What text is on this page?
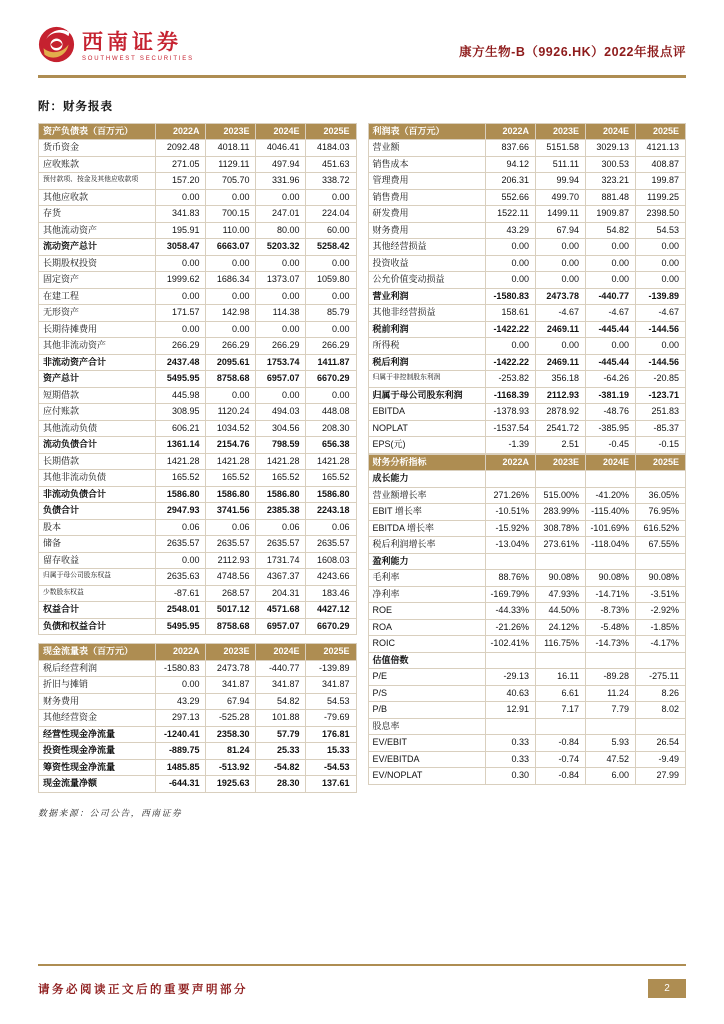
西南证券
SOUTHWEST SECURITIES	康方生物-B（9926.HK）2022年报点评
附：财务报表
资产负债表（百万元）	2022A	2023E	2024E	2025E
货币资金	2092.48	4018.11	4046.41	4184.03
应收账款	271.05	1129.11	497.94	451.63
预付款项、按金及其他应收款项	157.20	705.70	331.96	338.72
其他应收款	0.00	0.00	0.00	0.00
存货	341.83	700.15	247.01	224.04
其他流动资产	195.91	110.00	80.00	60.00
流动资产总计	3058.47	6663.07	5203.32	5258.42
长期股权投资	0.00	0.00	0.00	0.00
固定资产	1999.62	1686.34	1373.07	1059.80
在建工程	0.00	0.00	0.00	0.00
无形资产	171.57	142.98	114.38	85.79
长期待摊费用	0.00	0.00	0.00	0.00
其他非流动资产	266.29	266.29	266.29	266.29
非流动资产合计	2437.48	2095.61	1753.74	1411.87
资产总计	5495.95	8758.68	6957.07	6670.29
短期借款	445.98	0.00	0.00	0.00
应付账款	308.95	1120.24	494.03	448.08
其他流动负债	606.21	1034.52	304.56	208.30
流动负债合计	1361.14	2154.76	798.59	656.38
长期借款	1421.28	1421.28	1421.28	1421.28
其他非流动负债	165.52	165.52	165.52	165.52
非流动负债合计	1586.80	1586.80	1586.80	1586.80
负债合计	2947.93	3741.56	2385.38	2243.18
股本	0.06	0.06	0.06	0.06
储备	2635.57	2635.57	2635.57	2635.57
留存收益	0.00	2112.93	1731.74	1608.03
归属于母公司股东权益	2635.63	4748.56	4367.37	4243.66
少数股东权益	-87.61	268.57	204.31	183.46
权益合计	2548.01	5017.12	4571.68	4427.12
负债和权益合计	5495.95	8758.68	6957.07	6670.29
现金流量表（百万元）	2022A	2023E	2024E	2025E
税后经营利润	-1580.83	2473.78	-440.77	-139.89
折旧与摊销	0.00	341.87	341.87	341.87
财务费用	43.29	67.94	54.82	54.53
其他经营资金	297.13	-525.28	101.88	-79.69
经营性现金净流量	-1240.41	2358.30	57.79	176.81
投资性现金净流量	-889.75	81.24	25.33	15.33
筹资性现金净流量	1485.85	-513.92	-54.82	-54.53
现金流量净额	-644.31	1925.63	28.30	137.61
数据来源：公司公告，西南证券
利润表（百万元）	2022A	2023E	2024E	2025E
营业额	837.66	5151.58	3029.13	4121.13
销售成本	94.12	511.11	300.53	408.87
管理费用	206.31	99.94	323.21	199.87
销售费用	552.66	499.70	881.48	1199.25
研发费用	1522.11	1499.11	1909.87	2398.50
财务费用	43.29	67.94	54.82	54.53
其他经营损益	0.00	0.00	0.00	0.00
投资收益	0.00	0.00	0.00	0.00
公允价值变动损益	0.00	0.00	0.00	0.00
营业利润	-1580.83	2473.78	-440.77	-139.89
其他非经营损益	158.61	-4.67	-4.67	-4.67
税前利润	-1422.22	2469.11	-445.44	-144.56
所得税	0.00	0.00	0.00	0.00
税后利润	-1422.22	2469.11	-445.44	-144.56
归属于非控制股东利润	-253.82	356.18	-64.26	-20.85
归属于母公司股东利润	-1168.39	2112.93	-381.19	-123.71
EBITDA	-1378.93	2878.92	-48.76	251.83
NOPLAT	-1537.54	2541.72	-385.95	-85.37
EPS(元)	-1.39	2.51	-0.45	-0.15
财务分析指标	2022A	2023E	2024E	2025E
成长能力				
营业额增长率	271.26%	515.00%	-41.20%	36.05%
EBIT 增长率	-10.51%	283.99%	-115.40%	76.95%
EBITDA 增长率	-15.92%	308.78%	-101.69%	616.52%
税后利润增长率	-13.04%	273.61%	-118.04%	67.55%
盈利能力				
毛利率	88.76%	90.08%	90.08%	90.08%
净利率	-169.79%	47.93%	-14.71%	-3.51%
ROE	-44.33%	44.50%	-8.73%	-2.92%
ROA	-21.26%	24.12%	-5.48%	-1.85%
ROIC	-102.41%	116.75%	-14.73%	-4.17%
估值倍数				
P/E	-29.13	16.11	-89.28	-275.11
P/S	40.63	6.61	11.24	8.26
P/B	12.91	7.17	7.79	8.02
股息率				
EV/EBIT	0.33	-0.84	5.93	26.54
EV/EBITDA	0.33	-0.74	47.52	-9.49
EV/NOPLAT	0.30	-0.84	6.00	27.99
请务必阅读正文后的重要声明部分	2
